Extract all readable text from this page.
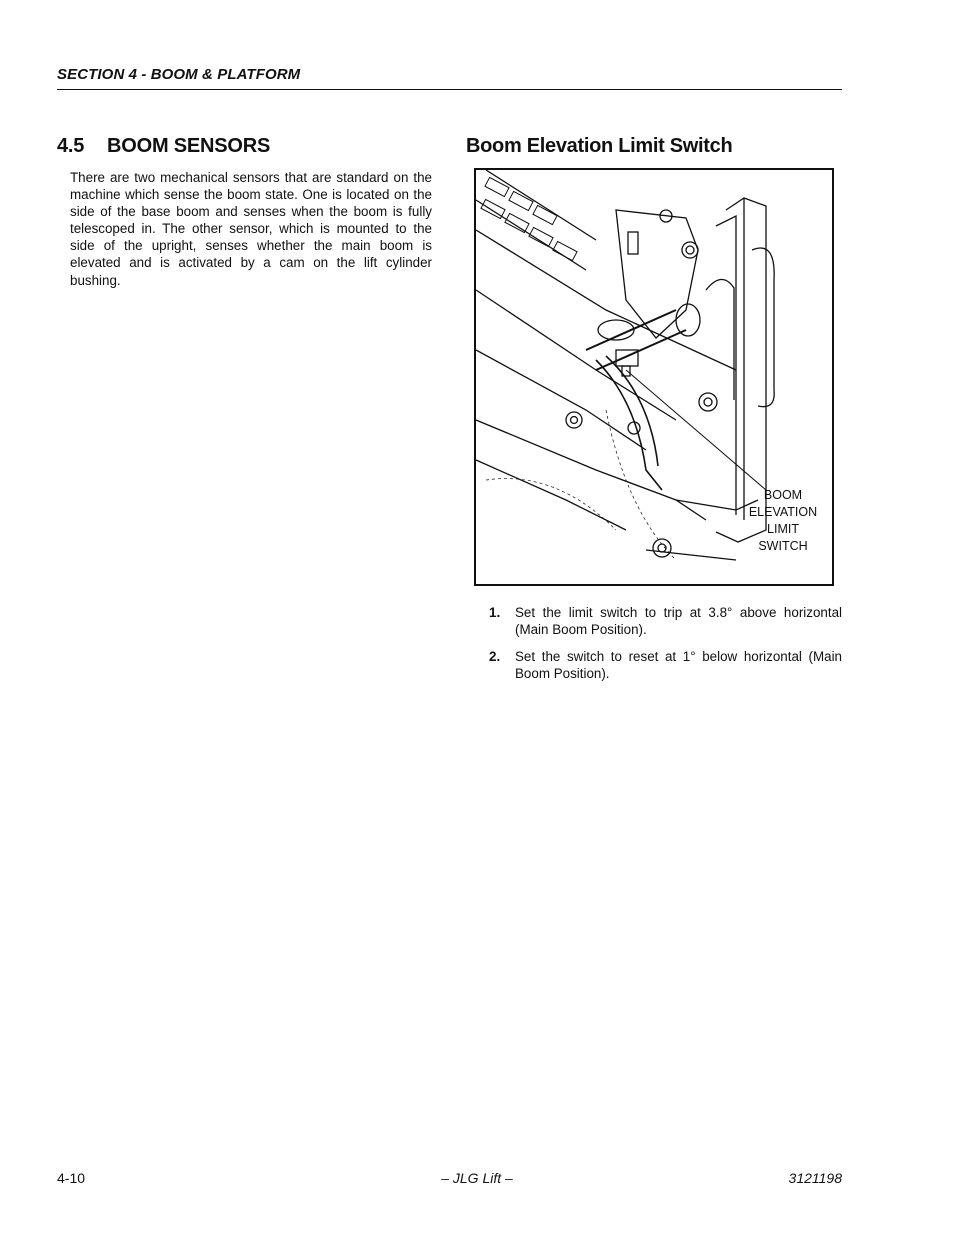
SECTION 4 - BOOM & PLATFORM
4.5 BOOM SENSORS

There are two mechanical sensors that are standard on the machine which sense the boom state. One is located on the side of the base boom and senses when the boom is fully telescoped in. The other sensor, which is mounted to the side of the upright, senses whether the main boom is elevated and is activated by a cam on the lift cylinder bushing.

Boom Elevation Limit Switch
BOOM
ELEVATION
LIMIT
SWITCH
1. Set the limit switch to trip at 3.8° above horizontal (Main Boom Position).
2. Set the switch to reset at 1° below horizontal (Main Boom Position).
4-10	– JLG Lift –	3121198
